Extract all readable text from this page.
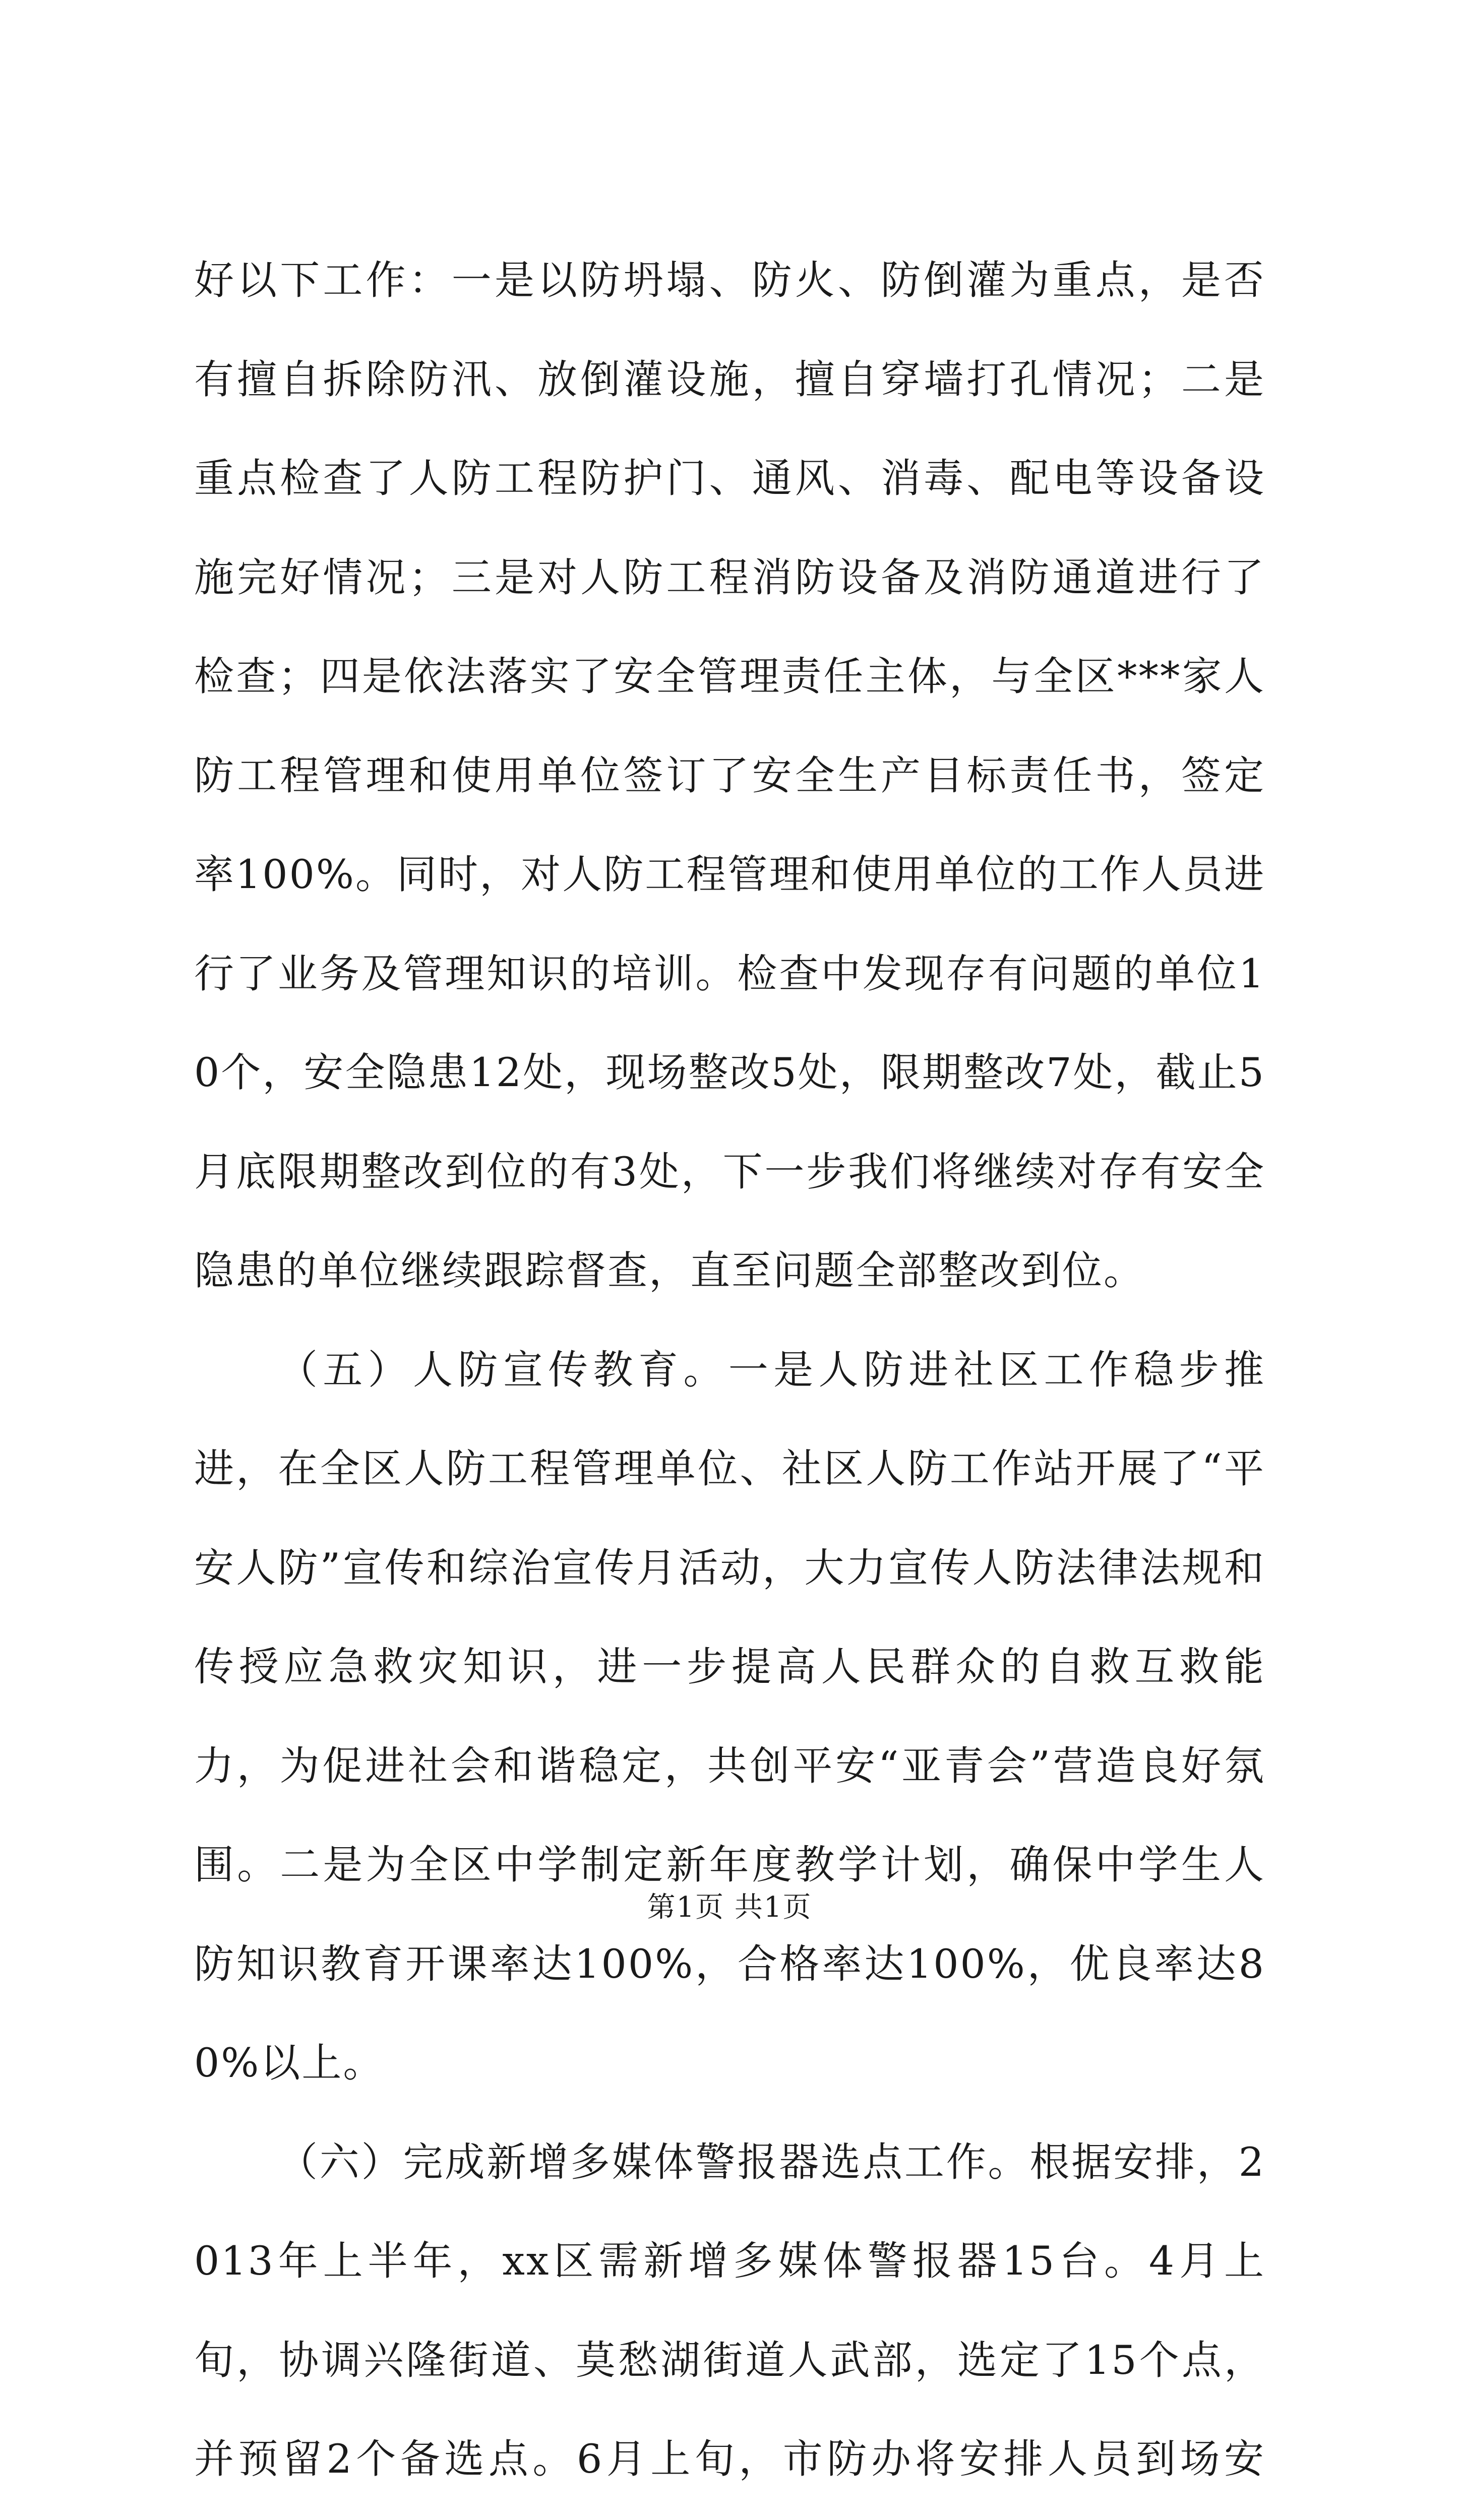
好以下工作：一是以防坍塌、防火、防倒灌为重点，是否有擅自拆除防汛、放倒灌设施，擅自穿墙打孔情况；二是重点检查了人防工程防护门、通风、消毒、配电等设备设施完好情况；三是对人防工程消防设备及消防通道进行了检查；四是依法落实了安全管理责任主体，与全区***家人防工程管理和使用单位签订了安全生产目标责任书，签定率100%。同时，对人防工程管理和使用单位的工作人员进行了业务及管理知识的培训。检查中发现存有问题的单位10个，安全隐患12处，现场整改5处，限期整改7处，截止5月底限期整改到位的有3处，下一步我们将继续对存有安全隐患的单位继续跟踪督查，直至问题全部整改到位。

（五）人防宣传教育。一是人防进社区工作稳步推进，在全区人防工程管理单位、社区人防工作站开展了“平安人防”宣传和综治宣传月活动，大力宣传人防法律法规和传授应急救灾知识，进一步提高人民群众的自救互救能力，为促进社会和谐稳定，共创平安“亚青会”营造良好氛围。二是为全区中学制定新年度教学计划，确保中学生人防知识教育开课率达100%，合格率达100%，优良率达80%以上。

（六）完成新增多媒体警报器选点工作。根据安排，2013年上半年，xx区需新增多媒体警报器15台。4月上旬，协调兴隆街道、莫愁湖街道人武部，选定了15个点，并预留2个备选点。6月上旬，市防办将安排人员到场安

第1页 共1页
